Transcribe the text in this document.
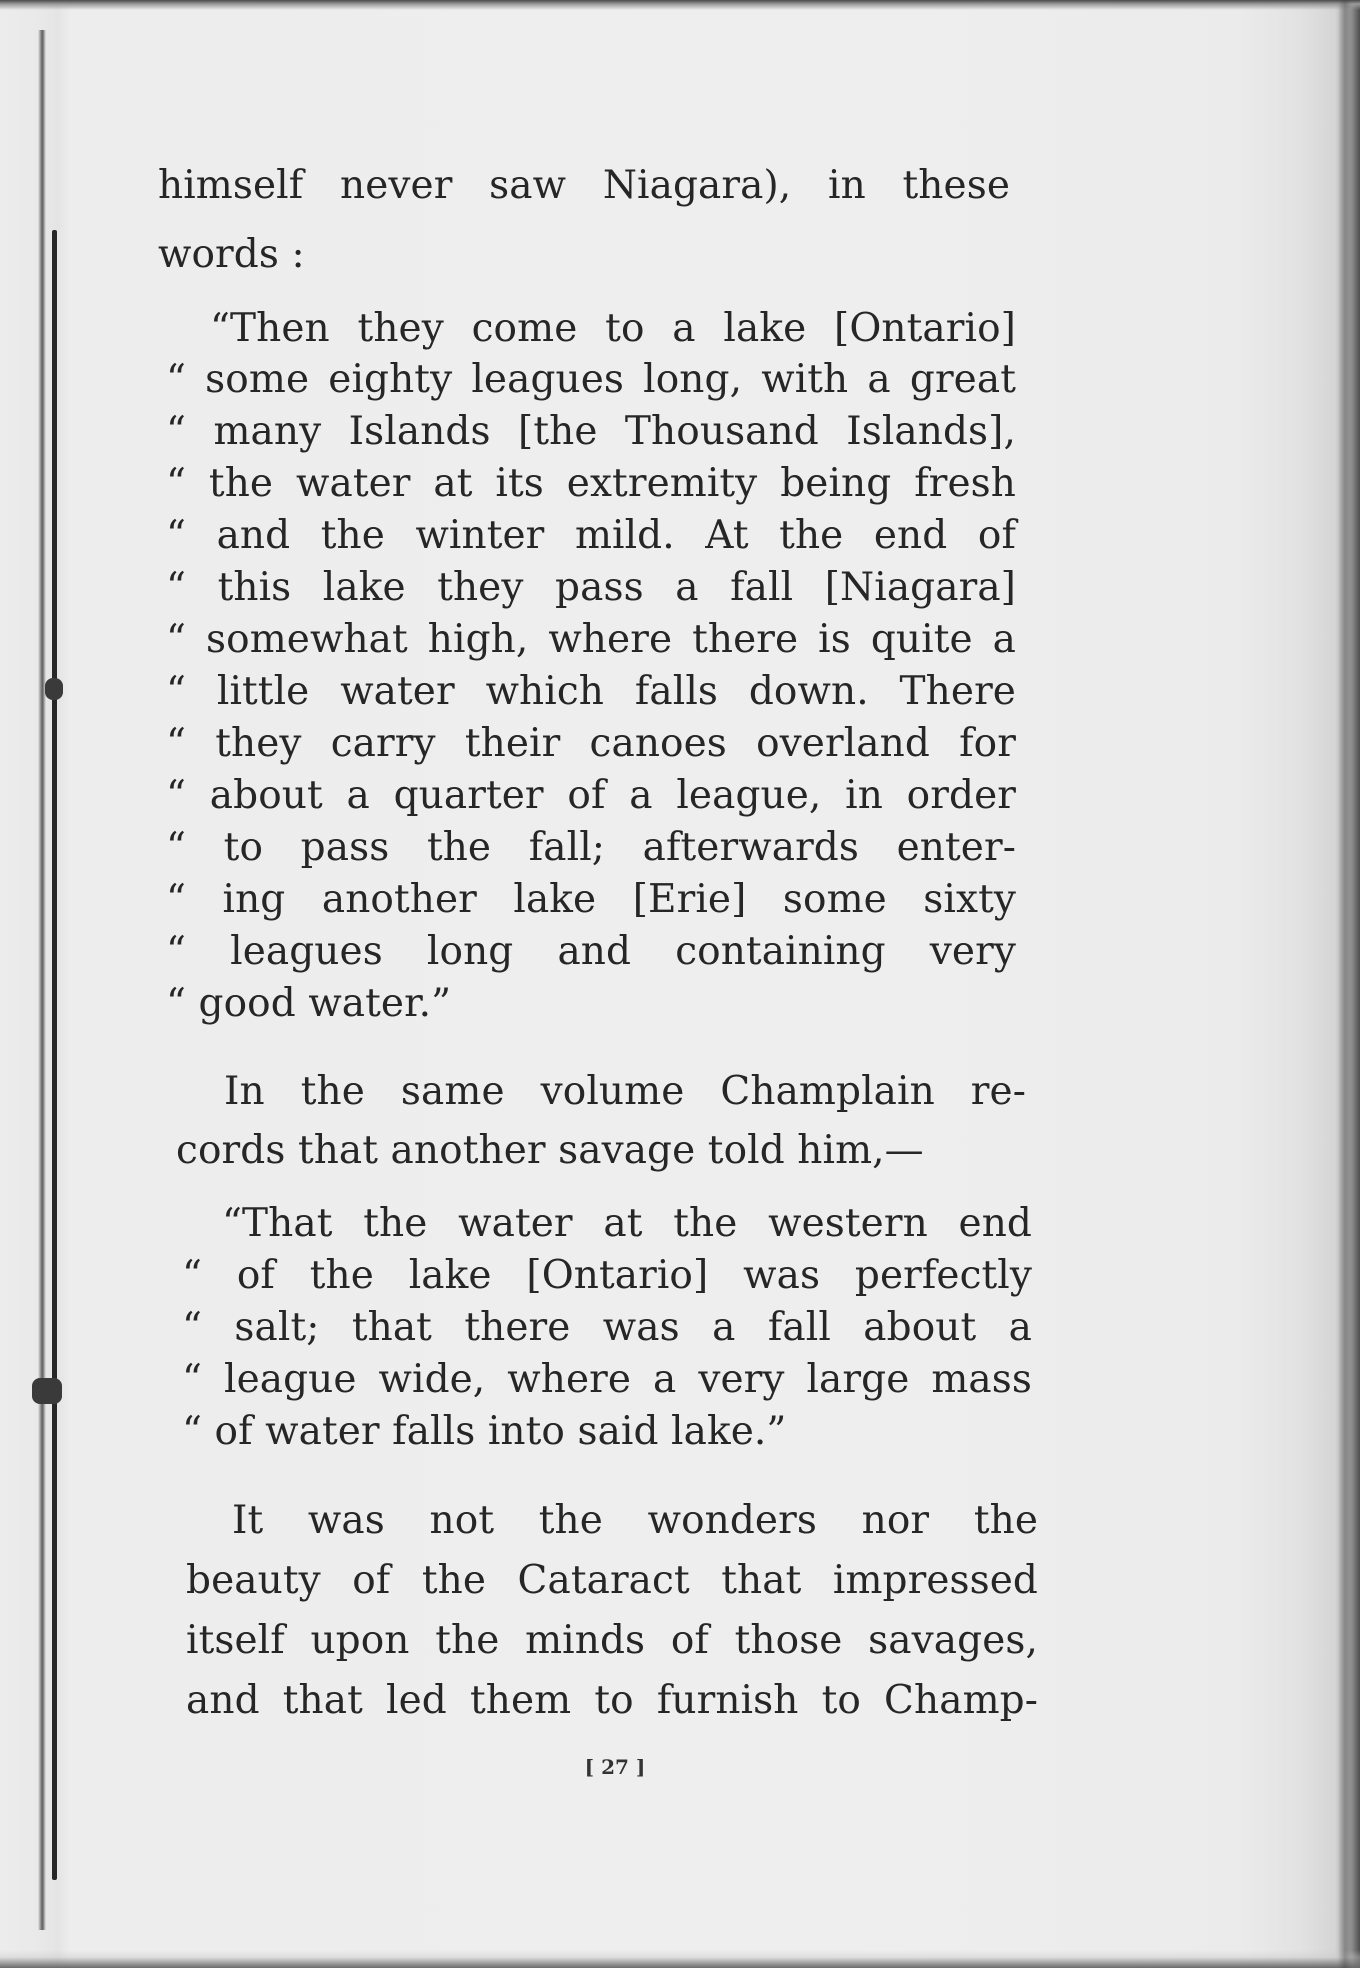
himself never saw Niagara), in these
words :
“Then they come to a lake [Ontario]
“ some eighty leagues long, with a great
“ many Islands [the Thousand Islands],
“ the water at its extremity being fresh
“ and the winter mild. At the end of
“ this lake they pass a fall [Niagara]
“ somewhat high, where there is quite a
“ little water which falls down. There
“ they carry their canoes overland for
“ about a quarter of a league, in order
“ to pass the fall; afterwards enter-
“ ing another lake [Erie] some sixty
“ leagues long and containing very
“ good water.”
In the same volume Champlain re-
cords that another savage told him,—
“That the water at the western end
“ of the lake [Ontario] was perfectly
“ salt; that there was a fall about a
“ league wide, where a very large mass
“ of water falls into said lake.”
It was not the wonders nor the
beauty of the Cataract that impressed
itself upon the minds of those savages,
and that led them to furnish to Champ-
[ 27 ]
